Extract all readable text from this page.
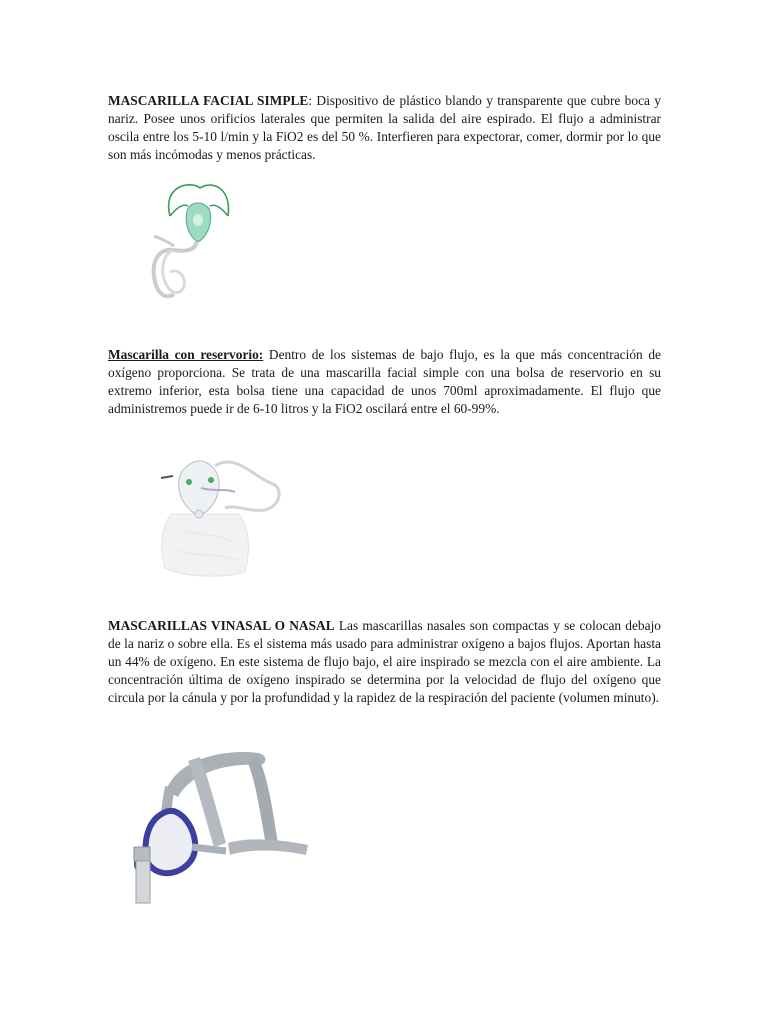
MASCARILLA FACIAL SIMPLE: Dispositivo de plástico blando y transparente que cubre boca y nariz. Posee unos orificios laterales que permiten la salida del aire espirado. El flujo a administrar oscila entre los 5-10 l/min y la FiO2 es del 50 %. Interfieren para expectorar, comer, dormir por lo que son más incómodas y menos prácticas.

Mascarilla con reservorio: Dentro de los sistemas de bajo flujo, es la que más concentración de oxígeno proporciona. Se trata de una mascarilla facial simple con una bolsa de reservorio en su extremo inferior, esta bolsa tiene una capacidad de unos 700ml aproximadamente. El flujo que administremos puede ir de 6-10 litros y la FiO2 oscilará entre el 60-99%.

MASCARILLAS VINASAL O NASAL Las mascarillas nasales son compactas y se colocan debajo de la nariz o sobre ella. Es el sistema más usado para administrar oxígeno a bajos flujos. Aportan hasta un 44% de oxígeno. En este sistema de flujo bajo, el aire inspirado se mezcla con el aire ambiente. La concentración última de oxígeno inspirado se determina por la velocidad de flujo del oxígeno que circula por la cánula y por la profundidad y la rapidez de la respiración del paciente (volumen minuto).
